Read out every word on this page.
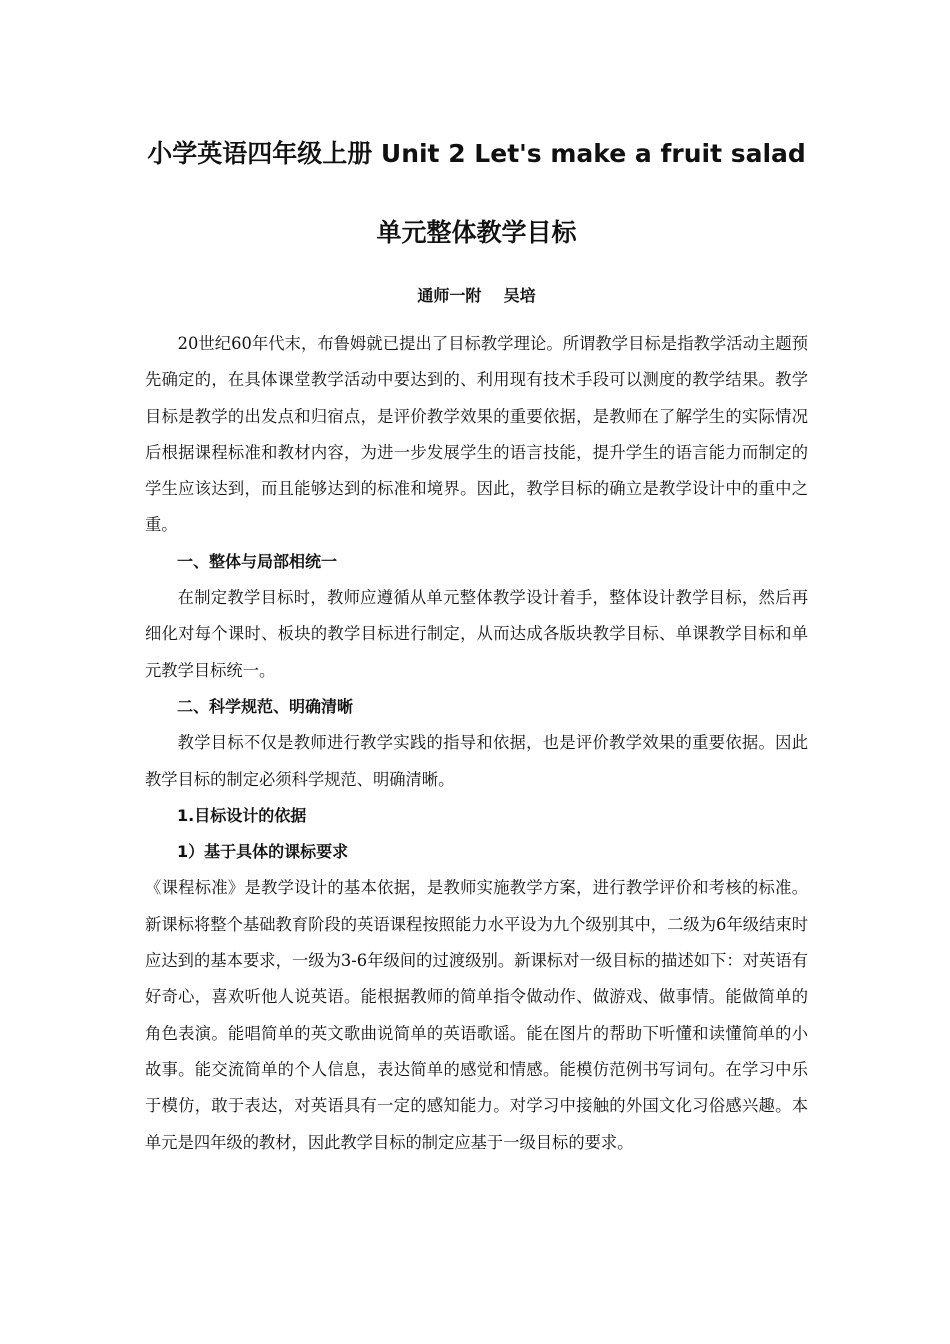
小学英语四年级上册 Unit 2 Let's make a fruit salad
单元整体教学目标
通师一附    吴培

20世纪60年代末，布鲁姆就已提出了目标教学理论。所谓教学目标是指教学活动主题预先确定的，在具体课堂教学活动中要达到的、利用现有技术手段可以测度的教学结果。教学目标是教学的出发点和归宿点，是评价教学效果的重要依据，是教师在了解学生的实际情况后根据课程标准和教材内容，为进一步发展学生的语言技能，提升学生的语言能力而制定的学生应该达到，而且能够达到的标准和境界。因此，教学目标的确立是教学设计中的重中之重。

一、整体与局部相统一

在制定教学目标时，教师应遵循从单元整体教学设计着手，整体设计教学目标，然后再细化对每个课时、板块的教学目标进行制定，从而达成各版块教学目标、单课教学目标和单元教学目标统一。

二、科学规范、明确清晰

教学目标不仅是教师进行教学实践的指导和依据，也是评价教学效果的重要依据。因此教学目标的制定必须科学规范、明确清晰。

1.目标设计的依据

1）基于具体的课标要求

《课程标准》是教学设计的基本依据，是教师实施教学方案，进行教学评价和考核的标准。新课标将整个基础教育阶段的英语课程按照能力水平设为九个级别其中，二级为6年级结束时应达到的基本要求，一级为3-6年级间的过渡级别。新课标对一级目标的描述如下：对英语有好奇心，喜欢听他人说英语。能根据教师的简单指令做动作、做游戏、做事情。能做简单的角色表演。能唱简单的英文歌曲说简单的英语歌谣。能在图片的帮助下听懂和读懂简单的小故事。能交流简单的个人信息，表达简单的感觉和情感。能模仿范例书写词句。在学习中乐于模仿，敢于表达，对英语具有一定的感知能力。对学习中接触的外国文化习俗感兴趣。本单元是四年级的教材，因此教学目标的制定应基于一级目标的要求。
